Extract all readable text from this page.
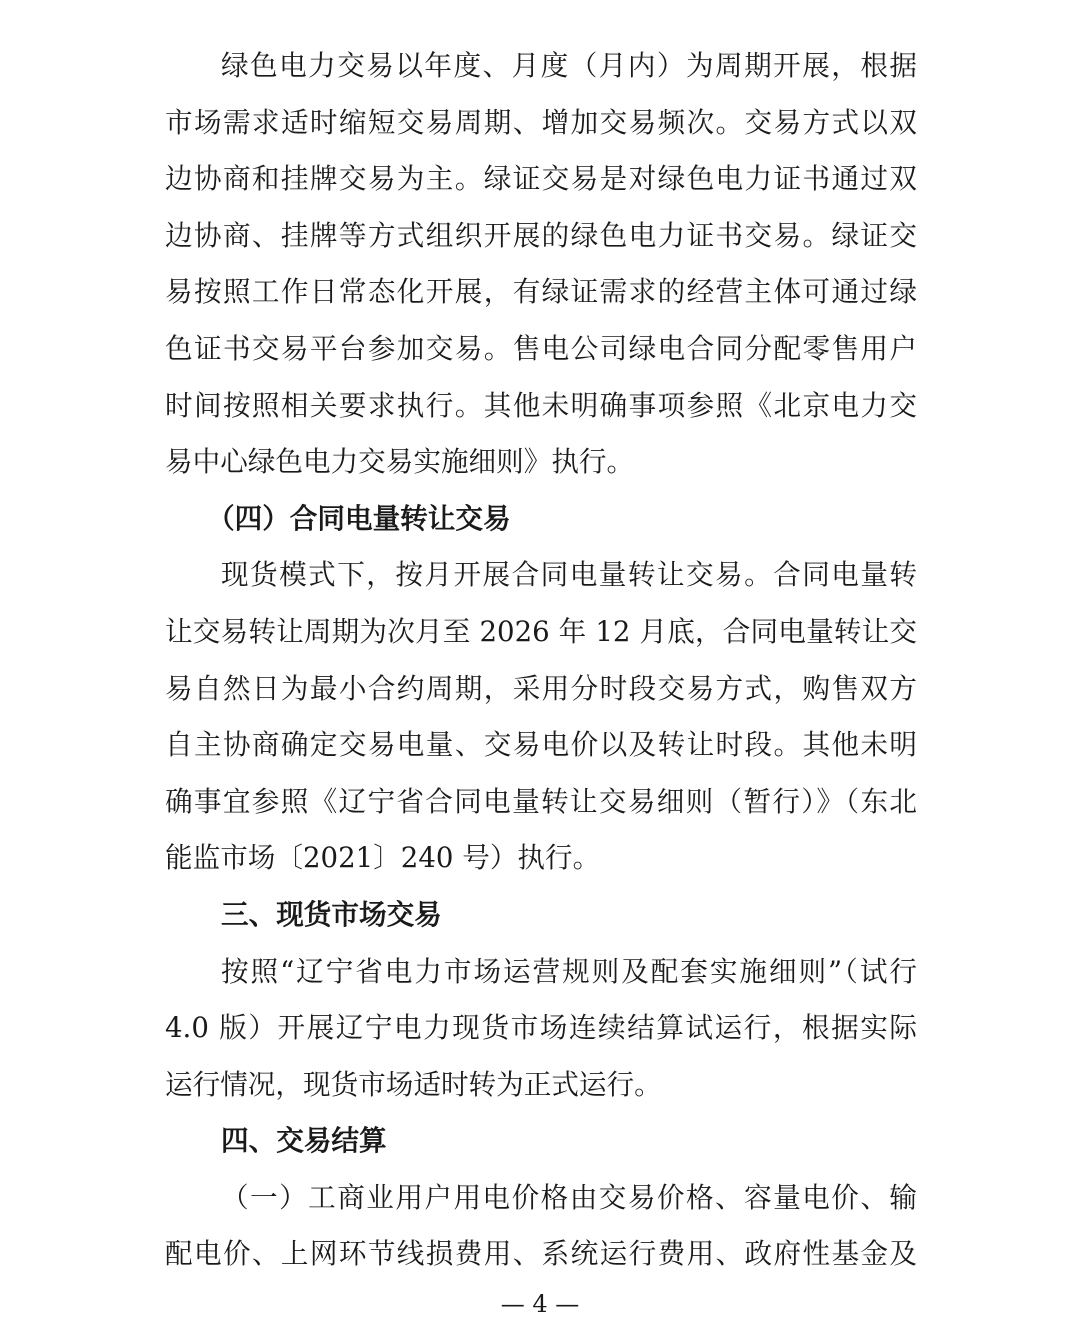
绿色电力交易以年度、月度（月内）为周期开展，根据
市场需求适时缩短交易周期、增加交易频次。交易方式以双
边协商和挂牌交易为主。绿证交易是对绿色电力证书通过双
边协商、挂牌等方式组织开展的绿色电力证书交易。绿证交
易按照工作日常态化开展，有绿证需求的经营主体可通过绿
色证书交易平台参加交易。售电公司绿电合同分配零售用户
时间按照相关要求执行。其他未明确事项参照《北京电力交
易中心绿色电力交易实施细则》执行。
（四）合同电量转让交易
现货模式下，按月开展合同电量转让交易。合同电量转
让交易转让周期为次月至 2026 年 12 月底，合同电量转让交
易自然日为最小合约周期，采用分时段交易方式，购售双方
自主协商确定交易电量、交易电价以及转让时段。其他未明
确事宜参照《辽宁省合同电量转让交易细则（暂行）》（东北
能监市场〔2021〕240 号）执行。
三、现货市场交易
按照“辽宁省电力市场运营规则及配套实施细则”（试行
4.0 版）开展辽宁电力现货市场连续结算试运行，根据实际
运行情况，现货市场适时转为正式运行。
四、交易结算
（一）工商业用户用电价格由交易价格、容量电价、输
配电价、上网环节线损费用、系统运行费用、政府性基金及
— 4 —
